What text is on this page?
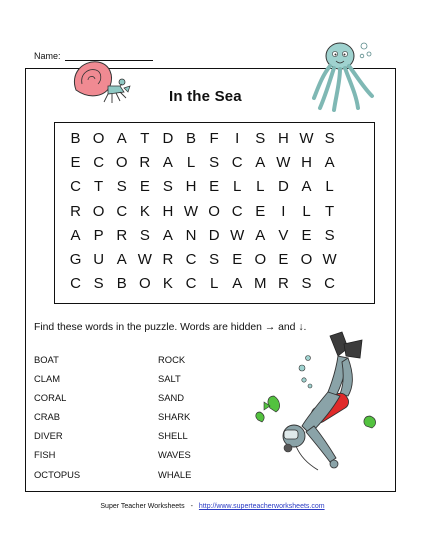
Name:
In the Sea
B O A T D B F	I	S H W S
E C O R A L S C A W H A
C T S E S H E L L D A L
R O C K H W O C E	I	L T
A P R S A N D W A V E S
G U A W R C S E O E O W
C S B O K C L A M R S C
Find these words in the puzzle. Words are hidden → and ↓.
BOAT
CLAM
CORAL
CRAB
DIVER
FISH
OCTOPUS
ROCK
SALT
SAND
SHARK
SHELL
WAVES
WHALE
Super Teacher Worksheets - http://www.superteacherworksheets.com
